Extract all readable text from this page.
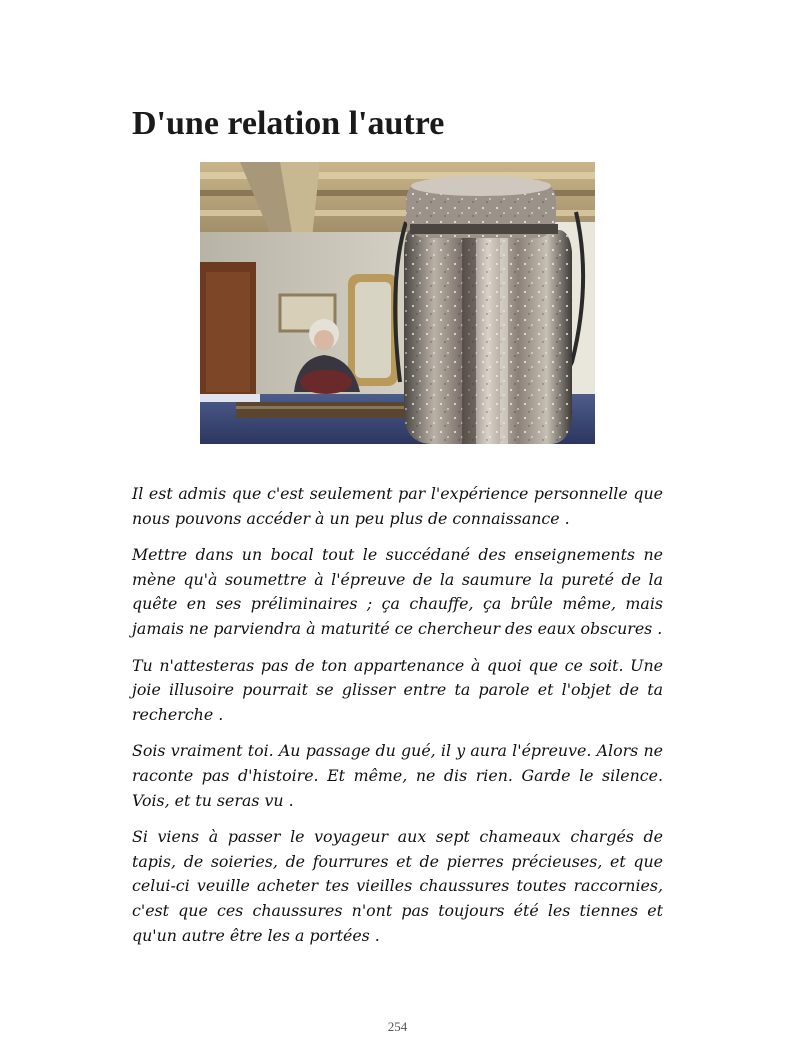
D'une relation l'autre

Il est admis que c'est seulement par l'expérience personnelle que nous pouvons accéder à un peu plus de connaissance .

Mettre dans un bocal tout le succédané des enseignements ne mène qu'à soumettre à l'épreuve de la saumure la pureté de la quête en ses préliminaires ; ça chauffe, ça brûle même, mais jamais ne parviendra à maturité ce chercheur des eaux obscures .

Tu n'attesteras pas de ton appartenance à quoi que ce soit. Une joie illusoire pourrait se glisser entre ta parole et l'objet de ta recherche .

Sois vraiment toi. Au passage du gué, il y aura l'épreuve. Alors ne raconte pas d'histoire. Et même, ne dis rien. Garde le silence. Vois, et tu seras vu .

Si viens à passer le voyageur aux sept chameaux chargés de tapis, de soieries, de fourrures et de pierres précieuses, et que celui-ci veuille acheter tes vieilles chaussures toutes raccornies, c'est que ces chaussures n'ont pas toujours été les tiennes et qu'un autre être les a portées .

254
